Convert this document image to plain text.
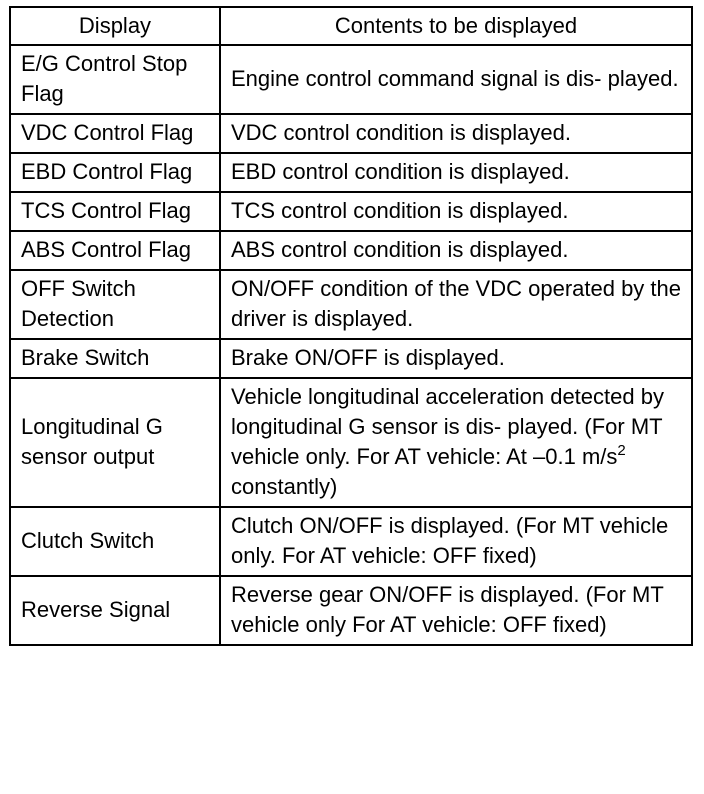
Display	Contents to be displayed
E/G Control Stop Flag	Engine control command signal is dis- played.
VDC Control Flag	VDC control condition is displayed.
EBD Control Flag	EBD control condition is displayed.
TCS Control Flag	TCS control condition is displayed.
ABS Control Flag	ABS control condition is displayed.
OFF Switch Detection	ON/OFF condition of the VDC operated by the driver is displayed.
Brake Switch	Brake ON/OFF is displayed.
Longitudinal G sensor output	Vehicle longitudinal acceleration detected by longitudinal G sensor is dis- played. (For MT vehicle only. For AT vehicle: At –0.1 $m/s^2$ constantly)
Clutch Switch	Clutch ON/OFF is displayed. (For MT vehicle only. For AT vehicle: OFF fixed)
Reverse Signal	Reverse gear ON/OFF is displayed. (For MT vehicle only For AT vehicle: OFF fixed)
